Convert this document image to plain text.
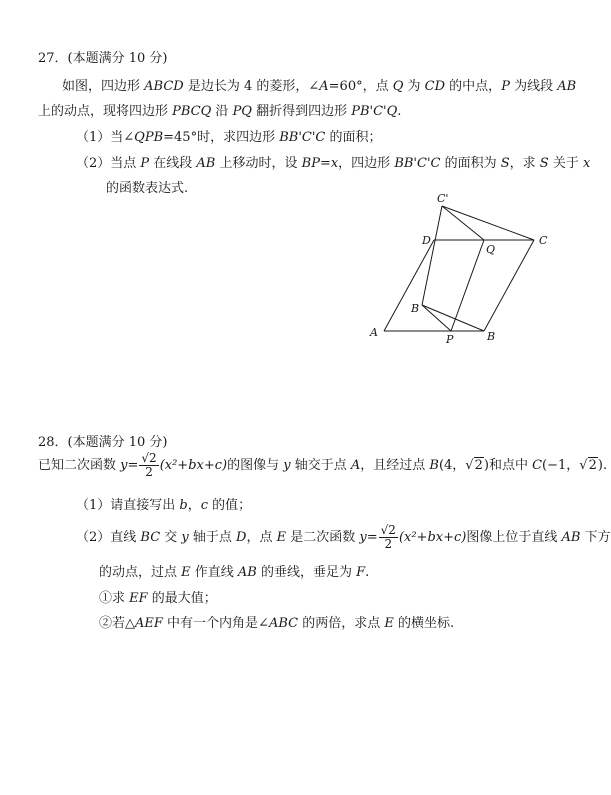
27．(本题满分 10 分)
如图，四边形 ABCD 是边长为 4 的菱形，∠A=60°，点 Q 为 CD 的中点，P 为线段 AB
上的动点，现将四边形 PBCQ 沿 PQ 翻折得到四边形 PB'C'Q.
（1）当∠QPB=45°时，求四边形 BB'C'C 的面积；
（2）当点 P 在线段 AB 上移动时，设 BP=x，四边形 BB'C'C 的面积为 S，求 S 关于 x
的函数表达式.
C'
D
Q
C
B
A
P	B
28．(本题满分 10 分)
已知二次函数 $y= \frac{√2}{2} (x^2+bx+c)$的图像与 y 轴交于点 A，且经过点 B(4，√2)和点中 C(−1，√2).
（1）请直接写出 b，c 的值；
（2）直线 BC 交 y 轴于点 D，点 E 是二次函数 $y= \frac{√2}{2} (x^2+bx+c)$图像上位于直线 AB 下方
的动点，过点 E 作直线 AB 的垂线，垂足为 F.
①求 EF 的最大值；
②若△AEF 中有一个内角是∠ABC 的两倍，求点 E 的横坐标.
